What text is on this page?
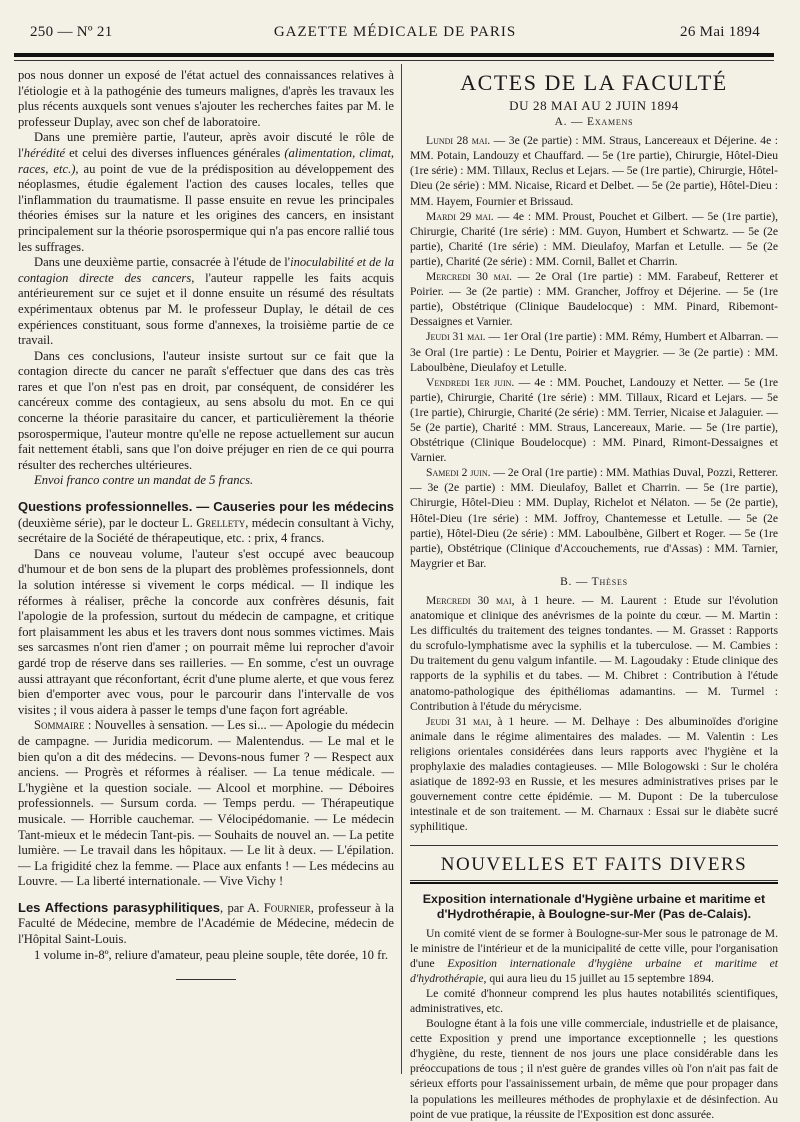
250 — Nº 21	GAZETTE MÉDICALE DE PARIS	26 Mai 1894

pos nous donner un exposé de l'état actuel des connaissances relatives à l'étiologie et à la pathogénie des tumeurs malignes, d'après les travaux les plus récents auxquels sont venues s'ajouter les recherches faites par M. le professeur Duplay, avec son chef de laboratoire.

Dans une première partie, l'auteur, après avoir discuté le rôle de l'hérédité et celui des diverses influences générales (alimentation, climat, races, etc.), au point de vue de la prédisposition au développement des néoplasmes, étudie également l'action des causes locales, telles que l'inflammation du traumatisme. Il passe ensuite en revue les principales théories émises sur la nature et les origines des cancers, en insistant principalement sur la théorie psorospermique qui n'a pas encore rallié tous les suffrages.

Dans une deuxième partie, consacrée à l'étude de l'inoculabilité et de la contagion directe des cancers, l'auteur rappelle les faits acquis antérieurement sur ce sujet et il donne ensuite un résumé des résultats expérimentaux obtenus par M. le professeur Duplay, le détail de ces expériences constituant, sous forme d'annexes, la troisième partie de ce travail.

Dans ces conclusions, l'auteur insiste surtout sur ce fait que la contagion directe du cancer ne paraît s'effectuer que dans des cas très rares et que l'on n'est pas en droit, par conséquent, de considérer les cancéreux comme des contagieux, au sens absolu du mot. En ce qui concerne la théorie parasitaire du cancer, et particulièrement la théorie psorospermique, l'auteur montre qu'elle ne repose actuellement sur aucun fait nettement établi, sans que l'on doive préjuger en rien de ce qui pourra résulter des recherches ultérieures.

Envoi franco contre un mandat de 5 francs.

Questions professionnelles. — Causeries pour les médecins (deuxième série), par le docteur L. Grellety, médecin consultant à Vichy, secrétaire de la Société de thérapeutique, etc. : prix, 4 francs.

Dans ce nouveau volume, l'auteur s'est occupé avec beaucoup d'humour et de bon sens de la plupart des problèmes professionnels, dont la solution intéresse si vivement le corps médical. — Il indique les réformes à réaliser, prêche la concorde aux confrères désunis, fait l'apologie de la profession, surtout du médecin de campagne, et critique fort plaisamment les abus et les travers dont nous sommes victimes. Mais ses sarcasmes n'ont rien d'amer ; on pourrait même lui reprocher d'avoir gardé trop de réserve dans ses railleries. — En somme, c'est un ouvrage aussi attrayant que réconfortant, écrit d'une plume alerte, et que vous ferez bien d'emporter avec vous, pour le parcourir dans l'intervalle de vos visites ; il vous aidera à passer le temps d'une façon fort agréable.

Sommaire : Nouvelles à sensation. — Les si... — Apologie du médecin de campagne. — Juridia medicorum. — Malentendus. — Le mal et le bien qu'on a dit des médecins. — Devons-nous fumer ? — Respect aux anciens. — Progrès et réformes à réaliser. — La tenue médicale. — L'hygiène et la question sociale. — Alcool et morphine. — Déboires professionnels. — Sursum corda. — Temps perdu. — Thérapeutique musicale. — Horrible cauchemar. — Vélocipédomanie. — Le médecin Tant-mieux et le médecin Tant-pis. — Souhaits de nouvel an. — La petite lumière. — Le travail dans les hôpitaux. — Le lit à deux. — L'épilation. — La frigidité chez la femme. — Place aux enfants ! — Les médecins au Louvre. — La liberté internationale. — Vive Vichy !

Les Affections parasyphilitiques, par A. Fournier, professeur à la Faculté de Médecine, membre de l'Académie de Médecine, médecin de l'Hôpital Saint-Louis.

1 volume in-8º, reliure d'amateur, peau pleine souple, tête dorée, 10 fr.

ACTES DE LA FACULTÉ
DU 28 MAI AU 2 JUIN 1894
A. — Examens

Lundi 28 mai. — 3e (2e partie) : MM. Straus, Lancereaux et Déjerine. 4e : MM. Potain, Landouzy et Chauffard. — 5e (1re partie), Chirurgie, Hôtel-Dieu (1re série) : MM. Tillaux, Reclus et Lejars. — 5e (1re partie), Chirurgie, Hôtel-Dieu (2e série) : MM. Nicaise, Ricard et Delbet. — 5e (2e partie), Hôtel-Dieu : MM. Hayem, Fournier et Brissaud.

Mardi 29 mai. — 4e : MM. Proust, Pouchet et Gilbert. — 5e (1re partie), Chirurgie, Charité (1re série) : MM. Guyon, Humbert et Schwartz. — 5e (2e partie), Charité (1re série) : MM. Dieulafoy, Marfan et Letulle. — 5e (2e partie), Charité (2e série) : MM. Cornil, Ballet et Charrin.

Mercredi 30 mai. — 2e Oral (1re partie) : MM. Farabeuf, Retterer et Poirier. — 3e (2e partie) : MM. Grancher, Joffroy et Déjerine. — 5e (1re partie), Obstétrique (Clinique Baudelocque) : MM. Pinard, Ribemont-Dessaignes et Varnier.

Jeudi 31 mai. — 1er Oral (1re partie) : MM. Rémy, Humbert et Albarran. — 3e Oral (1re partie) : Le Dentu, Poirier et Maygrier. — 3e (2e partie) : MM. Laboulbène, Dieulafoy et Letulle.

Vendredi 1er juin. — 4e : MM. Pouchet, Landouzy et Netter. — 5e (1re partie), Chirurgie, Charité (1re série) : MM. Tillaux, Ricard et Lejars. — 5e (1re partie), Chirurgie, Charité (2e série) : MM. Terrier, Nicaise et Jalaguier. — 5e (2e partie), Charité : MM. Straus, Lancereaux, Marie. — 5e (1re partie), Obstétrique (Clinique Boudelocque) : MM. Pinard, Rimont-Dessaignes et Varnier.

Samedi 2 juin. — 2e Oral (1re partie) : MM. Mathias Duval, Pozzi, Retterer. — 3e (2e partie) : MM. Dieulafoy, Ballet et Charrin. — 5e (1re partie), Chirurgie, Hôtel-Dieu : MM. Duplay, Richelot et Nélaton. — 5e (2e partie), Hôtel-Dieu (1re série) : MM. Joffroy, Chantemesse et Letulle. — 5e (2e partie), Hôtel-Dieu (2e série) : MM. Laboulbène, Gilbert et Roger. — 5e (1re partie), Obstétrique (Clinique d'Accouchements, rue d'Assas) : MM. Tarnier, Maygrier et Bar.

B. — Thèses

Mercredi 30 mai, à 1 heure. — M. Laurent : Etude sur l'évolution anatomique et clinique des anévrismes de la pointe du cœur. — M. Martin : Les difficultés du traitement des teignes tondantes. — M. Grasset : Rapports du scrofulo-lymphatisme avec la syphilis et la tuberculose. — M. Cambies : Du traitement du genu valgum infantile. — M. Lagoudaky : Etude clinique des rapports de la syphilis et du tabes. — M. Chibret : Contribution à l'étude anatomo-pathologique des épithéliomas adamantins. — M. Turmel : Contribution à l'étude du mérycisme.

Jeudi 31 mai, à 1 heure. — M. Delhaye : Des albuminoïdes d'origine animale dans le régime alimentaires des malades. — M. Valentin : Les religions orientales considérées dans leurs rapports avec l'hygiène et la prophylaxie des maladies contagieuses. — Mlle Bologowski : Sur le choléra asiatique de 1892-93 en Russie, et les mesures administratives prises par le gouvernement contre cette épidémie. — M. Dupont : De la tuberculose intestinale et de son traitement. — M. Charnaux : Essai sur le diabète sucré syphilitique.

NOUVELLES ET FAITS DIVERS
Exposition internationale d'Hygiène urbaine et maritime et d'Hydrothérapie, à Boulogne-sur-Mer (Pas de-Calais).

Un comité vient de se former à Boulogne-sur-Mer sous le patronage de M. le ministre de l'intérieur et de la municipalité de cette ville, pour l'organisation d'une Exposition internationale d'hygiène urbaine et maritime et d'hydrothérapie, qui aura lieu du 15 juillet au 15 septembre 1894.

Le comité d'honneur comprend les plus hautes notabilités scientifiques, administratives, etc.

Boulogne étant à la fois une ville commerciale, industrielle et de plaisance, cette Exposition y prend une importance exceptionnelle ; les questions d'hygiène, du reste, tiennent de nos jours une place considérable dans les préoccupations de tous ; il n'est guère de grandes villes où l'on n'ait pas fait de sérieux efforts pour l'assainissement urbain, de même que pour propager dans la populations les meilleures méthodes de prophylaxie et de désinfection. Au point de vue pratique, la réussite de l'Exposition est donc assurée.
